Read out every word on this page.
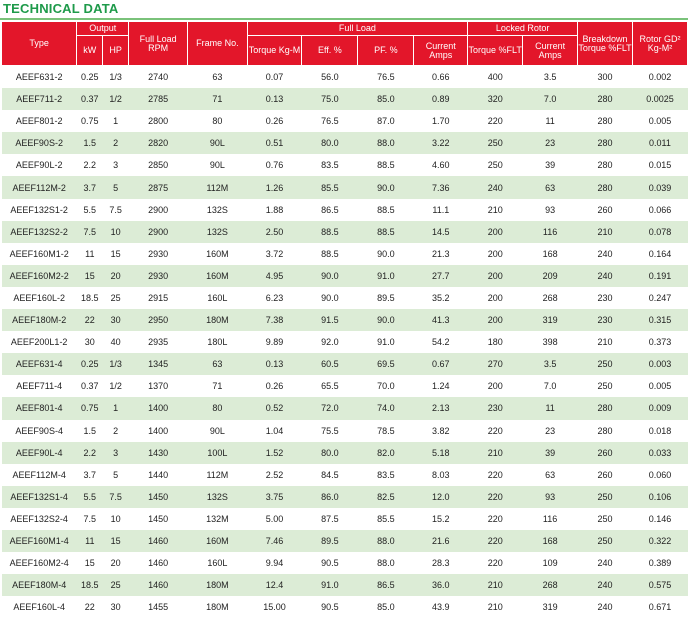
TECHNICAL DATA
Type	Output		Full Load RPM	Frame No.	Full Load				Locked Rotor		Breakdown Torque %FLT	Rotor GD² Kg-M²
	kW	HP			Torque Kg-M	Eff. %	PF. %	Current Amps	Torque %FLT	Current Amps		
AEEF631-2	0.25	1/3	2740	63	0.07	56.0	76.5	0.66	400	3.5	300	0.002
AEEF711-2	0.37	1/2	2785	71	0.13	75.0	85.0	0.89	320	7.0	280	0.0025
AEEF801-2	0.75	1	2800	80	0.26	76.5	87.0	1.70	220	11	280	0.005
AEEF90S-2	1.5	2	2820	90L	0.51	80.0	88.0	3.22	250	23	280	0.011
AEEF90L-2	2.2	3	2850	90L	0.76	83.5	88.5	4.60	250	39	280	0.015
AEEF112M-2	3.7	5	2875	112M	1.26	85.5	90.0	7.36	240	63	280	0.039
AEEF132S1-2	5.5	7.5	2900	132S	1.88	86.5	88.5	11.1	210	93	260	0.066
AEEF132S2-2	7.5	10	2900	132S	2.50	88.5	88.5	14.5	200	116	210	0.078
AEEF160M1-2	11	15	2930	160M	3.72	88.5	90.0	21.3	200	168	240	0.164
AEEF160M2-2	15	20	2930	160M	4.95	90.0	91.0	27.7	200	209	240	0.191
AEEF160L-2	18.5	25	2915	160L	6.23	90.0	89.5	35.2	200	268	230	0.247
AEEF180M-2	22	30	2950	180M	7.38	91.5	90.0	41.3	200	319	230	0.315
AEEF200L1-2	30	40	2935	180L	9.89	92.0	91.0	54.2	180	398	210	0.373
AEEF631-4	0.25	1/3	1345	63	0.13	60.5	69.5	0.67	270	3.5	250	0.003
AEEF711-4	0.37	1/2	1370	71	0.26	65.5	70.0	1.24	200	7.0	250	0.005
AEEF801-4	0.75	1	1400	80	0.52	72.0	74.0	2.13	230	11	280	0.009
AEEF90S-4	1.5	2	1400	90L	1.04	75.5	78.5	3.82	220	23	280	0.018
AEEF90L-4	2.2	3	1430	100L	1.52	80.0	82.0	5.18	210	39	260	0.033
AEEF112M-4	3.7	5	1440	112M	2.52	84.5	83.5	8.03	220	63	260	0.060
AEEF132S1-4	5.5	7.5	1450	132S	3.75	86.0	82.5	12.0	220	93	250	0.106
AEEF132S2-4	7.5	10	1450	132M	5.00	87.5	85.5	15.2	220	116	250	0.146
AEEF160M1-4	11	15	1460	160M	7.46	89.5	88.0	21.6	220	168	250	0.322
AEEF160M2-4	15	20	1460	160L	9.94	90.5	88.0	28.3	220	109	240	0.389
AEEF180M-4	18.5	25	1460	180M	12.4	91.0	86.5	36.0	210	268	240	0.575
AEEF160L-4	22	30	1455	180M	15.00	90.5	85.0	43.9	210	319	240	0.671
